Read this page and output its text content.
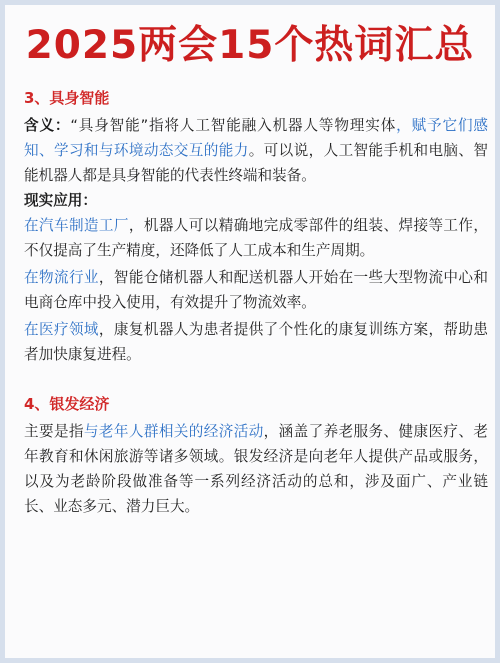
2025两会15个热词汇总
3、具身智能

含义：“具身智能”指将人工智能融入机器人等物理实体，赋予它们感知、学习和与环境动态交互的能力。可以说，人工智能手机和电脑、智能机器人都是具身智能的代表性终端和装备。

现实应用：

在汽车制造工厂，机器人可以精确地完成零部件的组装、焊接等工作，不仅提高了生产精度，还降低了人工成本和生产周期。

在物流行业，智能仓储机器人和配送机器人开始在一些大型物流中心和电商仓库中投入使用，有效提升了物流效率。

在医疗领域，康复机器人为患者提供了个性化的康复训练方案，帮助患者加快康复进程。

4、银发经济

主要是指与老年人群相关的经济活动，涵盖了养老服务、健康医疗、老年教育和休闲旅游等诸多领域。银发经济是向老年人提供产品或服务，以及为老龄阶段做准备等一系列经济活动的总和，涉及面广、产业链长、业态多元、潜力巨大。
